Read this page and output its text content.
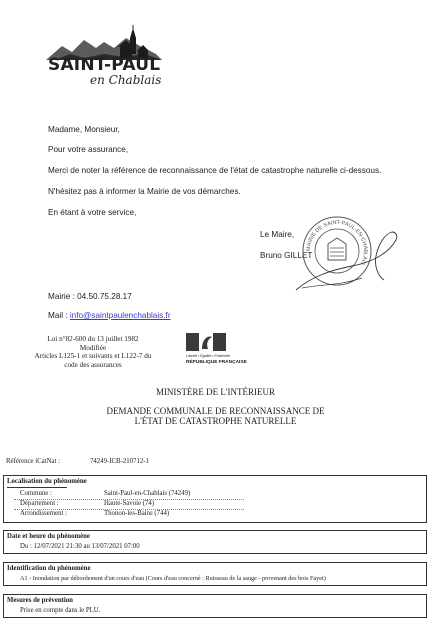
SAINT-PAUL
en Chablais
Madame, Monsieur,
Pour votre assurance,
Merci de noter la référence de reconnaissance de l'état de catastrophe naturelle ci-dessous.
N'hésitez pas à informer la Mairie de vos démarches.
En étant à votre service,
Le Maire,
Bruno GILLET
MAIRIE DE SAINT-PAUL-EN-CHABLAIS
Mairie : 04.50.75.28.17
Mail : info@saintpaulenchablais.fr
Loi n°82-600 du 13 juillet 1982
Modifiée
Articles L125-1 et suivants et L122-7 du
code des assurances
Liberté • Égalité • Fraternité
RÉPUBLIQUE FRANÇAISE
MINISTÈRE DE L'INTÉRIEUR
DEMANDE COMMUNALE DE RECONNAISSANCE DE
L'ÉTAT DE CATASTROPHE NATURELLE
Référence iCatNat :	74249-ICB-210712-1
Localisation du phénomène
Commune :	Saint-Paul-en-Chablais (74249)
Département :	Haute-Savoie (74)
Arrondissement :	Thonon-les-Bains (744)
Date et heure du phénomène
Du : 12/07/2021 21:30 au 13/07/2021 07:00
Identification du phénomène
A1 - Inondation par débordement d'un cours d'eau (Cours d'eau concerné : Ruisseau de la sauge - provenant des bois Fayet)
Mesures de prévention
Prise en compte dans le PLU.
